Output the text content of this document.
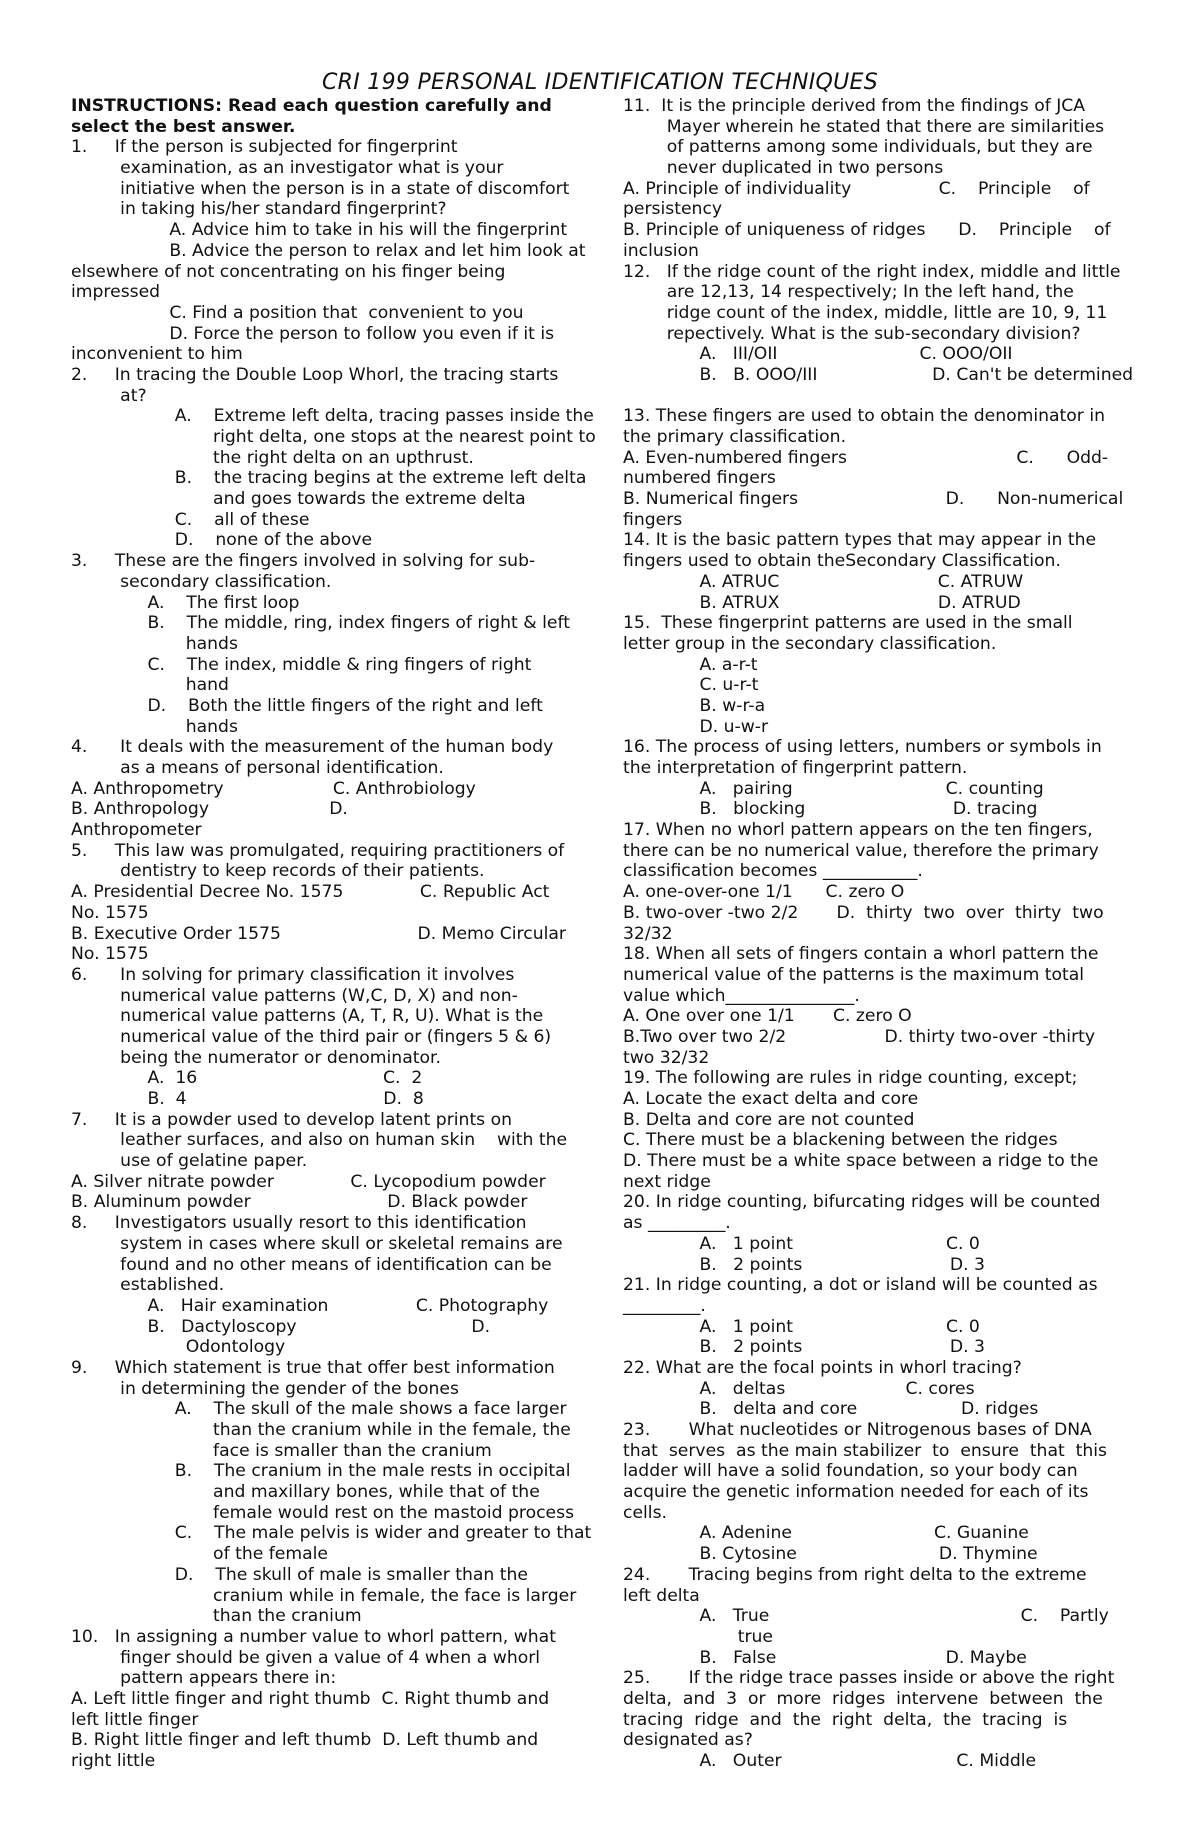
CRI 199 PERSONAL IDENTIFICATION TECHNIQUES
INSTRUCTIONS: Read each question carefully and
select the best answer.
1.     If the person is subjected for fingerprint
examination, as an investigator what is your
initiative when the person is in a state of discomfort
in taking his/her standard fingerprint?
A. Advice him to take in his will the fingerprint
B. Advice the person to relax and let him look at
elsewhere of not concentrating on his finger being
impressed
C. Find a position that  convenient to you
D. Force the person to follow you even if it is
inconvenient to him
2.     In tracing the Double Loop Whorl, the tracing starts
at?
A.    Extreme left delta, tracing passes inside the
right delta, one stops at the nearest point to
the right delta on an upthrust.
B.    the tracing begins at the extreme left delta
and goes towards the extreme delta
C.    all of these
D.    none of the above
3.     These are the fingers involved in solving for sub-
secondary classification.
A.    The first loop
B.    The middle, ring, index fingers of right & left
hands
C.    The index, middle & ring fingers of right
hand
D.    Both the little fingers of the right and left
hands
4.      It deals with the measurement of the human body
as a means of personal identification.
A. Anthropometry                    C. Anthrobiology
B. Anthropology                      D.
Anthropometer
5.     This law was promulgated, requiring practitioners of
dentistry to keep records of their patients.
A. Presidential Decree No. 1575              C. Republic Act
No. 1575
B. Executive Order 1575                         D. Memo Circular
No. 1575
6.      In solving for primary classification it involves
numerical value patterns (W,C, D, X) and non-
numerical value patterns (A, T, R, U). What is the
numerical value of the third pair or (fingers 5 & 6)
being the numerator or denominator.
A.  16                                  C.  2
B.  4                                    D.  8
7.     It is a powder used to develop latent prints on
leather surfaces, and also on human skin    with the
use of gelatine paper.
A. Silver nitrate powder              C. Lycopodium powder
B. Aluminum powder                         D. Black powder
8.     Investigators usually resort to this identification
system in cases where skull or skeletal remains are
found and no other means of identification can be
established.
A.   Hair examination                C. Photography
B.   Dactyloscopy                                D.
Odontology
9.     Which statement is true that offer best information
in determining the gender of the bones
A.    The skull of the male shows a face larger
than the cranium while in the female, the
face is smaller than the cranium
B.    The cranium in the male rests in occipital
and maxillary bones, while that of the
female would rest on the mastoid process
C.    The male pelvis is wider and greater to that
of the female
D.    The skull of male is smaller than the
cranium while in female, the face is larger
than the cranium
10.   In assigning a number value to whorl pattern, what
finger should be given a value of 4 when a whorl
pattern appears there in:
A. Left little finger and right thumb  C. Right thumb and
left little finger
B. Right little finger and left thumb  D. Left thumb and
right little
11.  It is the principle derived from the findings of JCA
Mayer wherein he stated that there are similarities
of patterns among some individuals, but they are
never duplicated in two persons
A. Principle of individuality                C.    Principle    of
persistency
B. Principle of uniqueness of ridges      D.    Principle    of
inclusion
12.   If the ridge count of the right index, middle and little
are 12,13, 14 respectively; In the left hand, the
ridge count of the index, middle, little are 10, 9, 11
repectively. What is the sub-secondary division?
A.   III/OII                          C. OOO/OII
B.   B. OOO/III                     D. Can't be determined
13. These fingers are used to obtain the denominator in
the primary classification.
A. Even-numbered fingers                               C.      Odd-
numbered fingers
B. Numerical fingers                           D.      Non-numerical
fingers
14. It is the basic pattern types that may appear in the
fingers used to obtain theSecondary Classification.
A. ATRUC                             C. ATRUW
B. ATRUX                             D. ATRUD
15.  These fingerprint patterns are used in the small
letter group in the secondary classification.
A. a-r-t
C. u-r-t
B. w-r-a
D. u-w-r
16. The process of using letters, numbers or symbols in
the interpretation of fingerprint pattern.
A.   pairing                            C. counting
B.   blocking                           D. tracing
17. When no whorl pattern appears on the ten fingers,
there can be no numerical value, therefore the primary
classification becomes ___________.
A. one-over-one 1/1      C. zero O
B. two-over -two 2/2       D.  thirty  two  over  thirty  two
32/32
18. When all sets of fingers contain a whorl pattern the
numerical value of the patterns is the maximum total
value which_______________.
A. One over one 1/1       C. zero O
B.Two over two 2/2                  D. thirty two-over -thirty
two 32/32
19. The following are rules in ridge counting, except;
A. Locate the exact delta and core
B. Delta and core are not counted
C. There must be a blackening between the ridges
D. There must be a white space between a ridge to the
next ridge
20. In ridge counting, bifurcating ridges will be counted
as _________.
A.   1 point                            C. 0
B.   2 points                           D. 3
21. In ridge counting, a dot or island will be counted as
_________.
A.   1 point                            C. 0
B.   2 points                           D. 3
22. What are the focal points in whorl tracing?
A.   deltas                      C. cores
B.   delta and core                   D. ridges
23.       What nucleotides or Nitrogenous bases of DNA
that  serves  as the main stabilizer  to  ensure  that  this
ladder will have a solid foundation, so your body can
acquire the genetic information needed for each of its
cells.
A. Adenine                          C. Guanine
B. Cytosine                          D. Thymine
24.       Tracing begins from right delta to the extreme
left delta
A.   True                                              C.    Partly
true
B.   False                               D. Maybe
25.       If the ridge trace passes inside or above the right
delta,  and  3  or  more  ridges  intervene  between  the
tracing  ridge  and  the  right  delta,  the  tracing  is
designated as?
A.   Outer                                C. Middle
